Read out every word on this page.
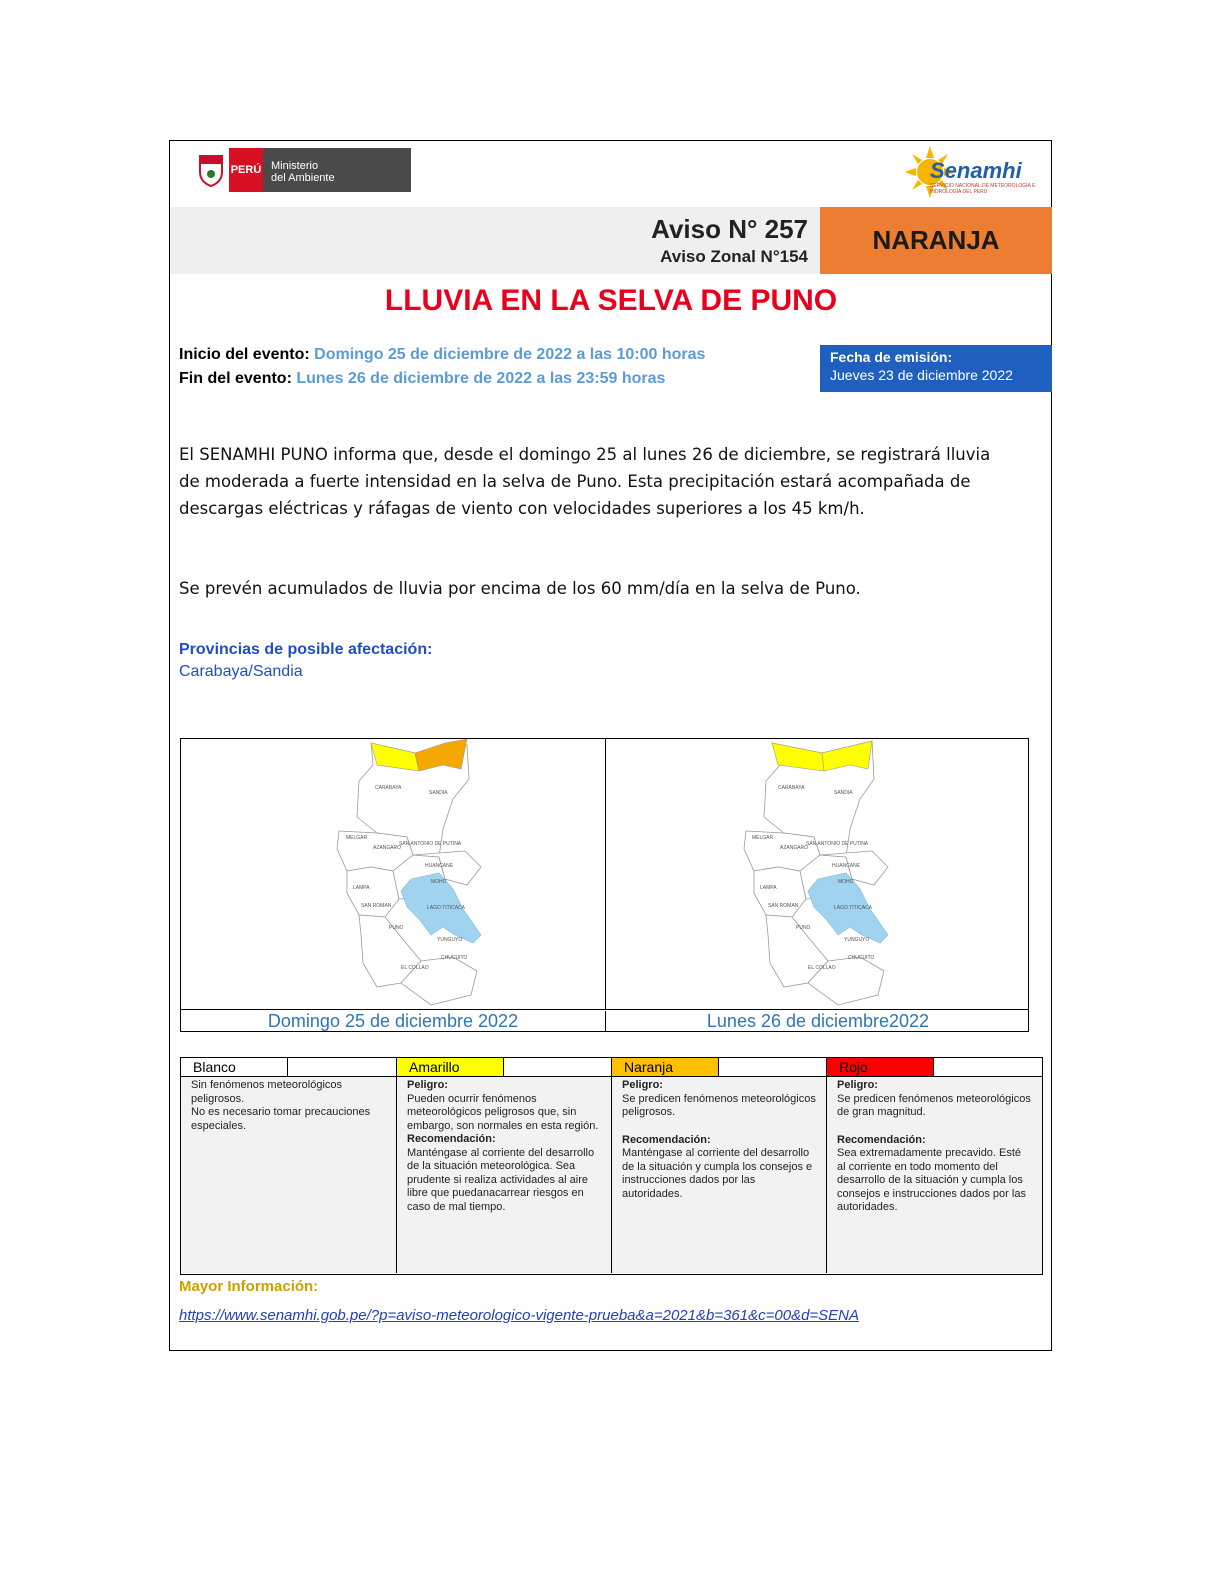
PERÚ Ministerio
del Ambiente	Senamhi
SERVICIO NACIONAL DE METEOROLOGÍA E HIDROLOGÍA DEL PERÚ
Aviso N° 257
Aviso Zonal N°154
NARANJA
LLUVIA EN LA SELVA DE PUNO
Inicio del evento: Domingo 25 de diciembre de 2022 a las 10:00 horas
Fin del evento: Lunes 26 de diciembre de 2022 a las 23:59 horas
Fecha de emisión:
Jueves 23 de diciembre 2022
El SENAMHI PUNO informa que, desde el domingo 25 al lunes 26 de diciembre, se registrará lluvia de moderada a fuerte intensidad en la selva de Puno. Esta precipitación estará acompañada de descargas eléctricas y ráfagas de viento con velocidades superiores a los 45 km/h.
Se prevén acumulados de lluvia por encima de los 60 mm/día en la selva de Puno.
Provincias de posible afectación:
Carabaya/Sandia
CARABAYA
SANDIA
MELGAR
AZANGARO
SAN ANTONIO DE PUTINA
HUANCANE
MOHO
LAMPA
SAN ROMAN	LAGO TITICACA
PUNO
YUNGUYO
CHUCUITO
EL COLLAO
CARABAYA
SANDIA
MELGAR
AZANGARO
SAN ANTONIO DE PUTINA
HUANCANE
MOHO
LAMPA
SAN ROMAN	LAGO TITICACA
PUNO
YUNGUYO
CHUCUITO
EL COLLAO
Domingo 25 de diciembre 2022	Lunes 26 de diciembre2022
Blanco
Sin fenómenos meteorológicos peligrosos.
No es necesario tomar precauciones especiales.
Amarillo
Peligro:
Pueden ocurrir fenómenos meteorológicos peligrosos que, sin embargo, son normales en esta región.
Recomendación:
Manténgase al corriente del desarrollo de la situación meteorológica. Sea prudente si realiza actividades al aire libre que puedanacarrear riesgos en caso de mal tiempo.
Naranja
Peligro:
Se predicen fenómenos meteorológicos peligrosos.
Recomendación:
Manténgase al corriente del desarrollo de la situación y cumpla los consejos e instrucciones dados por las autoridades.
Rojo
Peligro:
Se predicen fenómenos meteorológicos de gran magnitud.
Recomendación:
Sea extremadamente precavido. Esté al corriente en todo momento del desarrollo de la situación y cumpla los consejos e instrucciones dados por las autoridades.
Mayor Información:
https://www.senamhi.gob.pe/?p=aviso-meteorologico-vigente-prueba&a=2021&b=361&c=00&d=SENA
